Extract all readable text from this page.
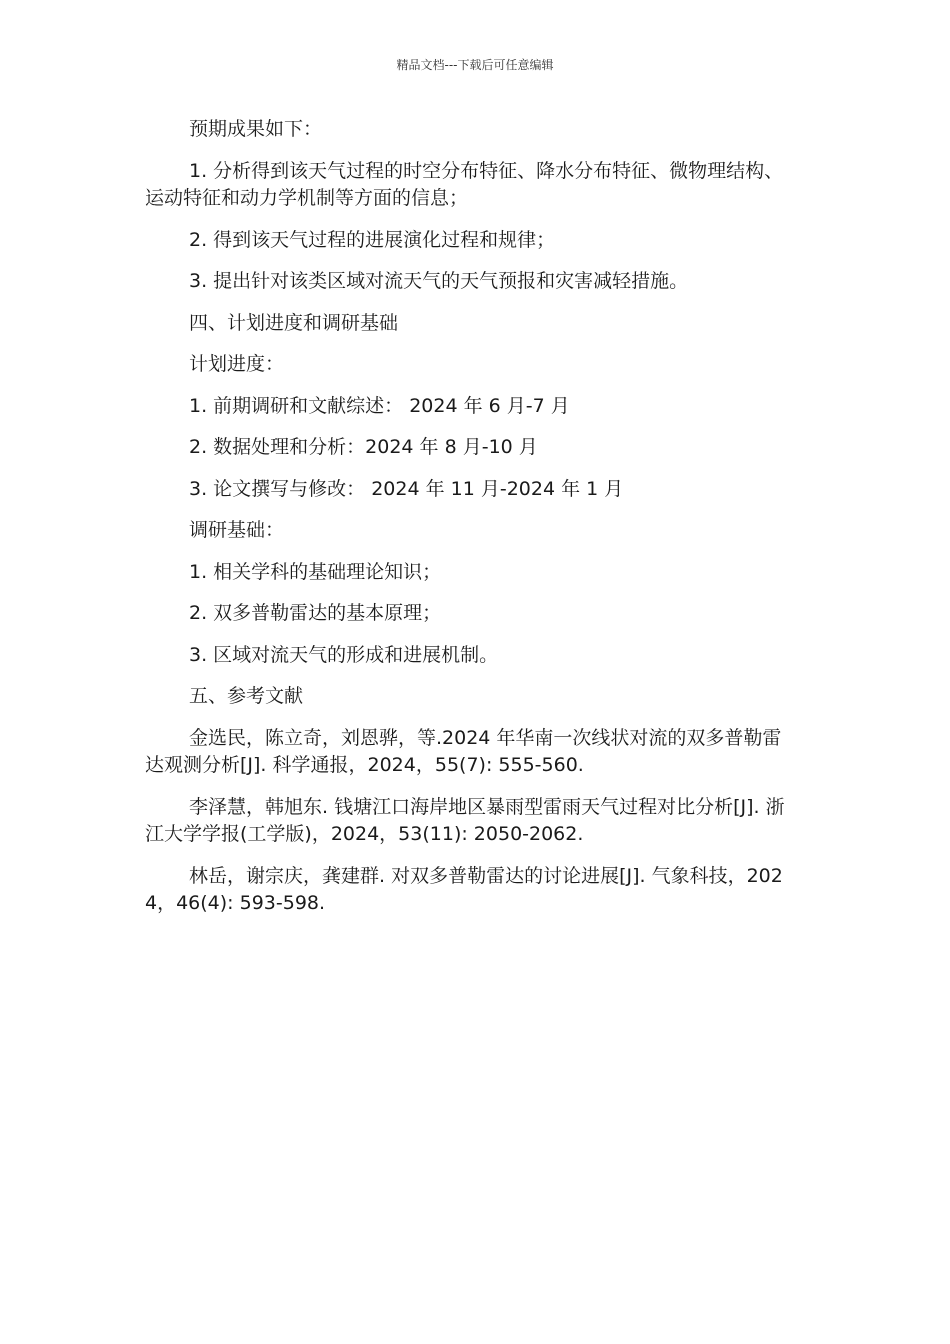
精品文档---下载后可任意编辑

预期成果如下：

1. 分析得到该天气过程的时空分布特征、降水分布特征、微物理结构、运动特征和动力学机制等方面的信息；

2. 得到该天气过程的进展演化过程和规律；

3. 提出针对该类区域对流天气的天气预报和灾害减轻措施。

四、计划进度和调研基础

计划进度：

1. 前期调研和文献综述： 2024 年 6 月-7 月

2. 数据处理和分析：2024 年 8 月-10 月

3. 论文撰写与修改： 2024 年 11 月-2024 年 1 月

调研基础：

1. 相关学科的基础理论知识；

2. 双多普勒雷达的基本原理；

3. 区域对流天气的形成和进展机制。

五、参考文献

金选民，陈立奇，刘恩骅，等.2024 年华南一次线状对流的双多普勒雷达观测分析[J]. 科学通报，2024，55(7): 555-560.

李泽慧，韩旭东. 钱塘江口海岸地区暴雨型雷雨天气过程对比分析[J]. 浙江大学学报(工学版)，2024，53(11): 2050-2062.

林岳，谢宗庆，龚建群. 对双多普勒雷达的讨论进展[J]. 气象科技，2024，46(4): 593-598.
